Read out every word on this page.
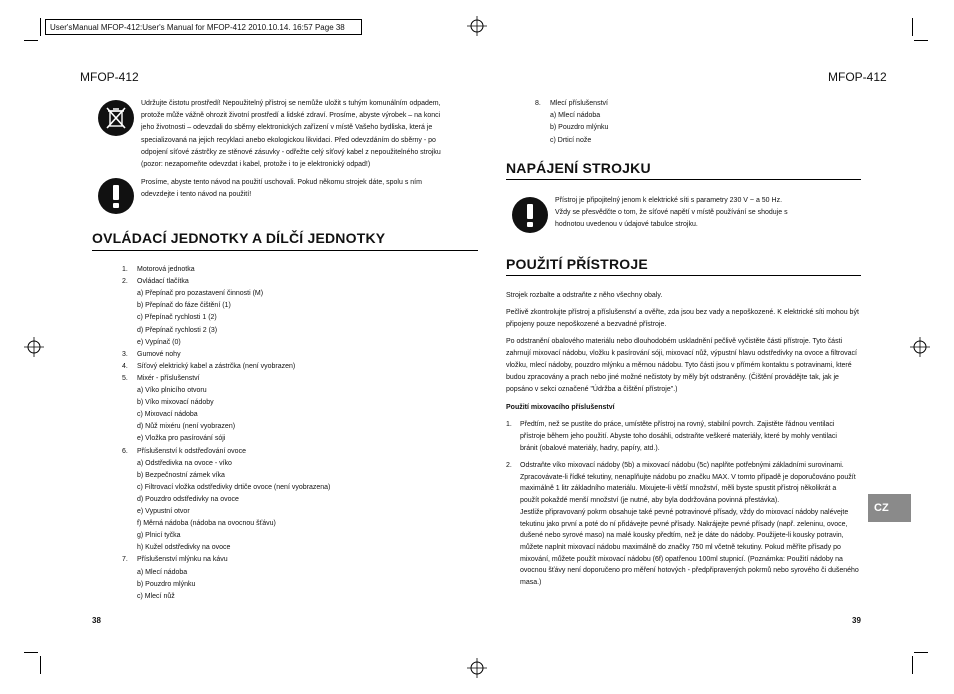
User'sManual MFOP-412:User's Manual for MFOP-412 2010.10.14. 16:57 Page 38
MFOP-412
Udržujte čistotu prostředí! Nepoužitelný přístroj se nemůže uložit s tuhým komunálním odpadem,
protože může vážně ohrozit životní prostředí a lidské zdraví. Prosíme, abyste výrobek – na konci
jeho životnosti – odevzdali do sběrny elektronických zařízení v místě Vašeho bydliska, která je
specializovaná na jejich recyklaci anebo ekologickou likvidaci. Před odevzdáním do sběrny - po
odpojení síťové zástrčky ze stěnové zásuvky - odřežte celý síťový kabel z nepoužitelného strojku
(pozor: nezapomeňte odevzdat i kabel, protože i to je elektronický odpad!)
Prosíme, abyste tento návod na použití uschovali. Pokud někomu strojek dáte, spolu s ním
odevzdejte i tento návod na použití!
OVLÁDACÍ JEDNOTKY A DÍLČÍ JEDNOTKY
1. Motorová jednotka
2. Ovládací tlačítka
a) Přepínač pro pozastavení činnosti (M)
b) Přepínač do fáze čištění (1)
c) Přepínač rychlosti 1 (2)
d) Přepínač rychlosti 2 (3)
e) Vypínač (0)
3. Gumové nohy
4. Síťový elektrický kabel a zástrčka (není vyobrazen)
5. Mixér - příslušenství
a) Víko plnicího otvoru
b) Víko mixovací nádoby
c) Mixovací nádoba
d) Nůž mixéru (není vyobrazen)
e) Vložka pro pasírování sóji
6. Příslušenství k odstřeďování ovoce
a) Odstředivka na ovoce - víko
b) Bezpečnostní zámek víka
c) Filtrovací vložka odstředivky drtiče ovoce (není vyobrazena)
d) Pouzdro odstředivky na ovoce
e) Vypustní otvor
f) Měrná nádoba (nádoba na ovocnou šťávu)
g) Plnicí tyčka
h) Kužel odstředivky na ovoce
7. Příslušenství mlýnku na kávu
a) Mlecí nádoba
b) Pouzdro mlýnku
c) Mlecí nůž
38
MFOP-412
8. Mlecí příslušenství
a) Mlecí nádoba
b) Pouzdro mlýnku
c) Drticí nože
NAPÁJENÍ STROJKU
Přístroj je připojitelný jenom k elektrické síti s parametry 230 V ~ a 50 Hz.
Vždy se přesvědčte o tom, že síťové napětí v místě používání se shoduje s
hodnotou uvedenou v údajové tabulce strojku.
POUŽITÍ PŘÍSTROJE
Strojek rozbalte a odstraňte z něho všechny obaly.
Pečlivě zkontrolujte přístroj a příslušenství a ověřte, zda jsou bez vady a nepoškozené. K elektrické síti mohou být
připojeny pouze nepoškozené a bezvadné přístroje.
Po odstranění obalového materiálu nebo dlouhodobém uskladnění pečlivě vyčistěte části přístroje. Tyto části
zahrnují mixovací nádobu, vložku k pasírování sóji, mixovací nůž, výpustní hlavu odstředivky na ovoce a filtrovací
vložku, mlecí nádoby, pouzdro mlýnku a měrnou nádobu. Tyto části jsou v přímém kontaktu s potravinami, které
budou zpracovány a prach nebo jiné možné nečistoty by měly být odstraněny. (Čištění provádějte tak, jak je
popsáno v sekci označené "Údržba a čištění přístroje".)
Použití mixovacího příslušenství
1. Předtím, než se pustíte do práce, umístěte přístroj na rovný, stabilní povrch. Zajistěte řádnou ventilaci
přístroje během jeho použití. Abyste toho dosáhli, odstraňte veškeré materiály, které by mohly ventilaci
bránit (obalové materiály, hadry, papíry, atd.).
2. Odstraňte víko mixovací nádoby (5b) a mixovací nádobu (5c) naplňte potřebnými základními surovinami.
Zpracovávate-li řídké tekutiny, nenaplňujte nádobu po značku MAX. V tomto případě je doporučováno použít
maximálně 1 litr základního materiálu. Mixujete-li větší množství, měli byste spustit přístroj několikrát a
použít pokaždé menší množství (je nutné, aby byla dodržována povinná přestávka).
Jestliže připravovaný pokrm obsahuje také pevné potravinové přísady, vždy do mixovací nádoby nalévejte
tekutinu jako první a poté do ní přidávejte pevné přísady. Nakrájejte pevné přísady (např. zeleninu, ovoce,
dušené nebo syrové maso) na malé kousky předtím, než je dáte do nádoby. Použijete-li kousky potravin,
můžete naplnit mixovací nádobu maximálně do značky 750 ml včetně tekutiny. Pokud měříte přísady po
mixování, můžete použít mixovací nádobu (6f) opatřenou 100ml stupnicí. (Poznámka: Použití nádoby na
ovocnou šťávy není doporučeno pro měření hotových - předpřipravených pokrmů nebo syrového či dušeného
masa.)
CZ
39
